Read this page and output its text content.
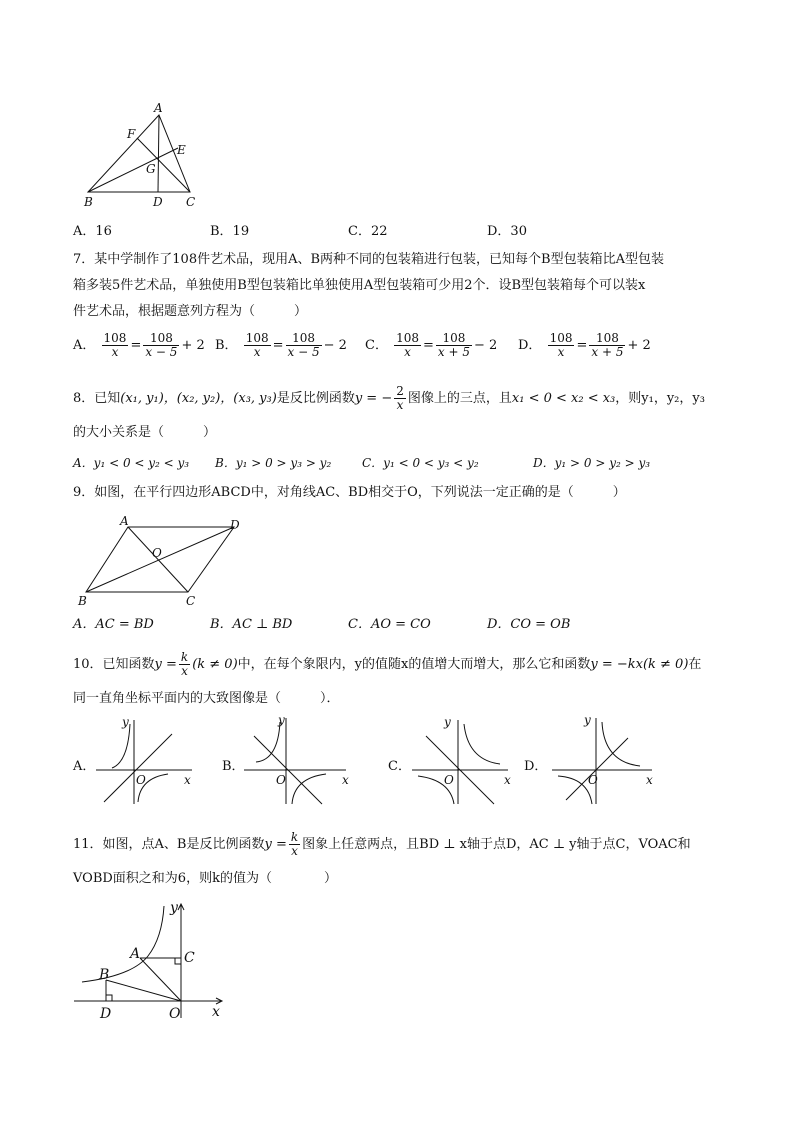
A
F
E
G
B	D C
A．16	B．19	C．22	D．30
7．某中学制作了108件艺术品，现用A、B两种不同的包装箱进行包装，已知每个B型包装箱比A型包装
箱多装5件艺术品，单独使用B型包装箱比单独使用A型包装箱可少用2个．设B型包装箱每个可以装x
件艺术品，根据题意列方程为（　　　）
A． $\frac{108}{x} = \frac{108}{x - 5} + 2$ B． $\frac{108}{x} = \frac{108}{x - 5} - 2$ C． $\frac{108}{x} = \frac{108}{x + 5} - 2$ D． $\frac{108}{x} = \frac{108}{x + 5} + 2$
8．已知(x₁, y₁)，(x₂, y₂)，(x₃, y₃)是反比例函数y = − $\frac{2}{x}$ 图像上的三点，且x₁ < 0 < x₂ < x₃，则y₁，y₂，y₃
的大小关系是（　　　）
A．y₁ < 0 < y₂ < y₃ B．y₁ > 0 > y₃ > y₂	C．y₁ < 0 < y₃ < y₂	D．y₁ > 0 > y₂ > y₃
9．如图，在平行四边形ABCD中，对角线AC、BD相交于O，下列说法一定正确的是（　　　）
A	D
O
B	C
A．AC = BD	B．AC ⊥ BD	C．AO = CO	D．CO = OB
10．已知函数$y = \frac{k}{x} (k \ne 0)$中，在每个象限内，y的值随x的值增大而增大，那么它和函数y = −kx(k ≠ 0)在
同一直角坐标平面内的大致图像是（　　　）．
A．
y
O	x
B．
y
O	x
C．
y
O	x
D．
y
O	x
11．如图，点A、B是反比例函数$y = \frac{k}{x}$ 图象上任意两点，且BD ⊥ x轴于点D，AC ⊥ y轴于点C，VOAC和
VOBD面积之和为6，则k的值为（　　　　）
y
A	C
B
D	O x
